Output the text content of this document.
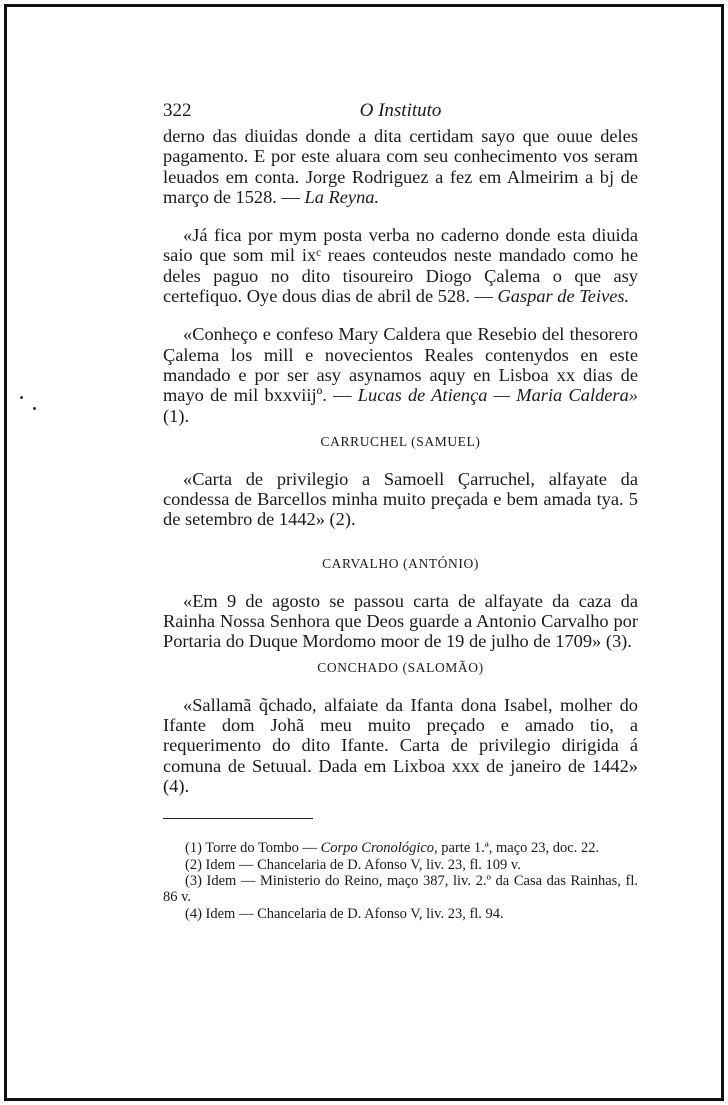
322	O Instituto

derno das diuidas donde a dita certidam sayo que ouue deles pagamento. E por este aluara com seu conhecimento vos seram leuados em conta. Jorge Rodriguez a fez em Almeirim a bj de março de 1528. — La Reyna.

«Já fica por mym posta verba no caderno donde esta diuida saio que som mil ixᶜ reaes conteudos neste mandado como he deles paguo no dito tisoureiro Diogo Çalema o que asy certefiquo. Oye dous dias de abril de 528. — Gaspar de Teives.

«Conheço e confeso Mary Caldera que Resebio del thesorero Çalema los mill e novecientos Reales contenydos en este mandado e por ser asy asynamos aquy en Lisboa xx dias de mayo de mil bxxviijº. — Lucas de Atiença — Maria Caldera» (1).

CARRUCHEL (SAMUEL)

«Carta de privilegio a Samoell Çarruchel, alfayate da condessa de Barcellos minha muito preçada e bem amada tya. 5 de setembro de 1442» (2).

CARVALHO (ANTÓNIO)

«Em 9 de agosto se passou carta de alfayate da caza da Rainha Nossa Senhora que Deos guarde a Antonio Carvalho por Portaria do Duque Mordomo moor de 19 de julho de 1709» (3).

CONCHADO (SALOMÃO)

«Sallamã q̃chado, alfaiate da Ifanta dona Isabel, molher do Ifante dom Johã meu muito preçado e amado tio, a requerimento do dito Ifante. Carta de privilegio dirigida á comuna de Setuual. Dada em Lixboa xxx de janeiro de 1442» (4).

(1) Torre do Tombo — Corpo Cronológico, parte 1.ª, maço 23, doc. 22.

(2) Idem — Chancelaria de D. Afonso V, liv. 23, fl. 109 v.

(3) Idem — Ministerio do Reino, maço 387, liv. 2.º da Casa das Rainhas, fl. 86 v.

(4) Idem — Chancelaria de D. Afonso V, liv. 23, fl. 94.
